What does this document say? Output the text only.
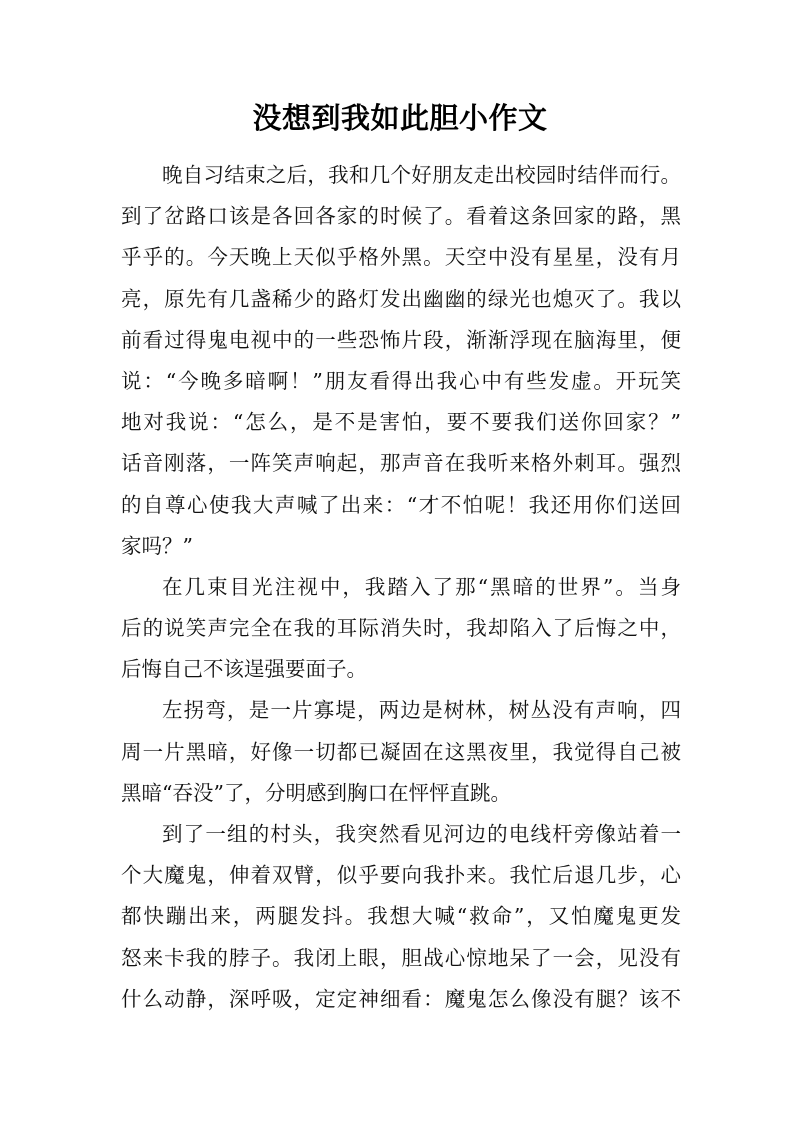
没想到我如此胆小作文

晚自习结束之后，我和几个好朋友走出校园时结伴而行。
到了岔路口该是各回各家的时候了。看着这条回家的路，黑
乎乎的。今天晚上天似乎格外黑。天空中没有星星，没有月
亮，原先有几盏稀少的路灯发出幽幽的绿光也熄灭了。我以
前看过得鬼电视中的一些恐怖片段，渐渐浮现在脑海里，便
说：“今晚多暗啊！”朋友看得出我心中有些发虚。开玩笑
地对我说：“怎么，是不是害怕，要不要我们送你回家？”
话音刚落，一阵笑声响起，那声音在我听来格外刺耳。强烈
的自尊心使我大声喊了出来：“才不怕呢！我还用你们送回
家吗？”

在几束目光注视中，我踏入了那“黑暗的世界”。当身
后的说笑声完全在我的耳际消失时，我却陷入了后悔之中，
后悔自己不该逞强要面子。

左拐弯，是一片寡堤，两边是树林，树丛没有声响，四
周一片黑暗，好像一切都已凝固在这黑夜里，我觉得自己被
黑暗“吞没”了，分明感到胸口在怦怦直跳。

到了一组的村头，我突然看见河边的电线杆旁像站着一
个大魔鬼，伸着双臂，似乎要向我扑来。我忙后退几步，心
都快蹦出来，两腿发抖。我想大喊“救命”，又怕魔鬼更发
怒来卡我的脖子。我闭上眼，胆战心惊地呆了一会，见没有
什么动静，深呼吸，定定神细看：魔鬼怎么像没有腿？该不
